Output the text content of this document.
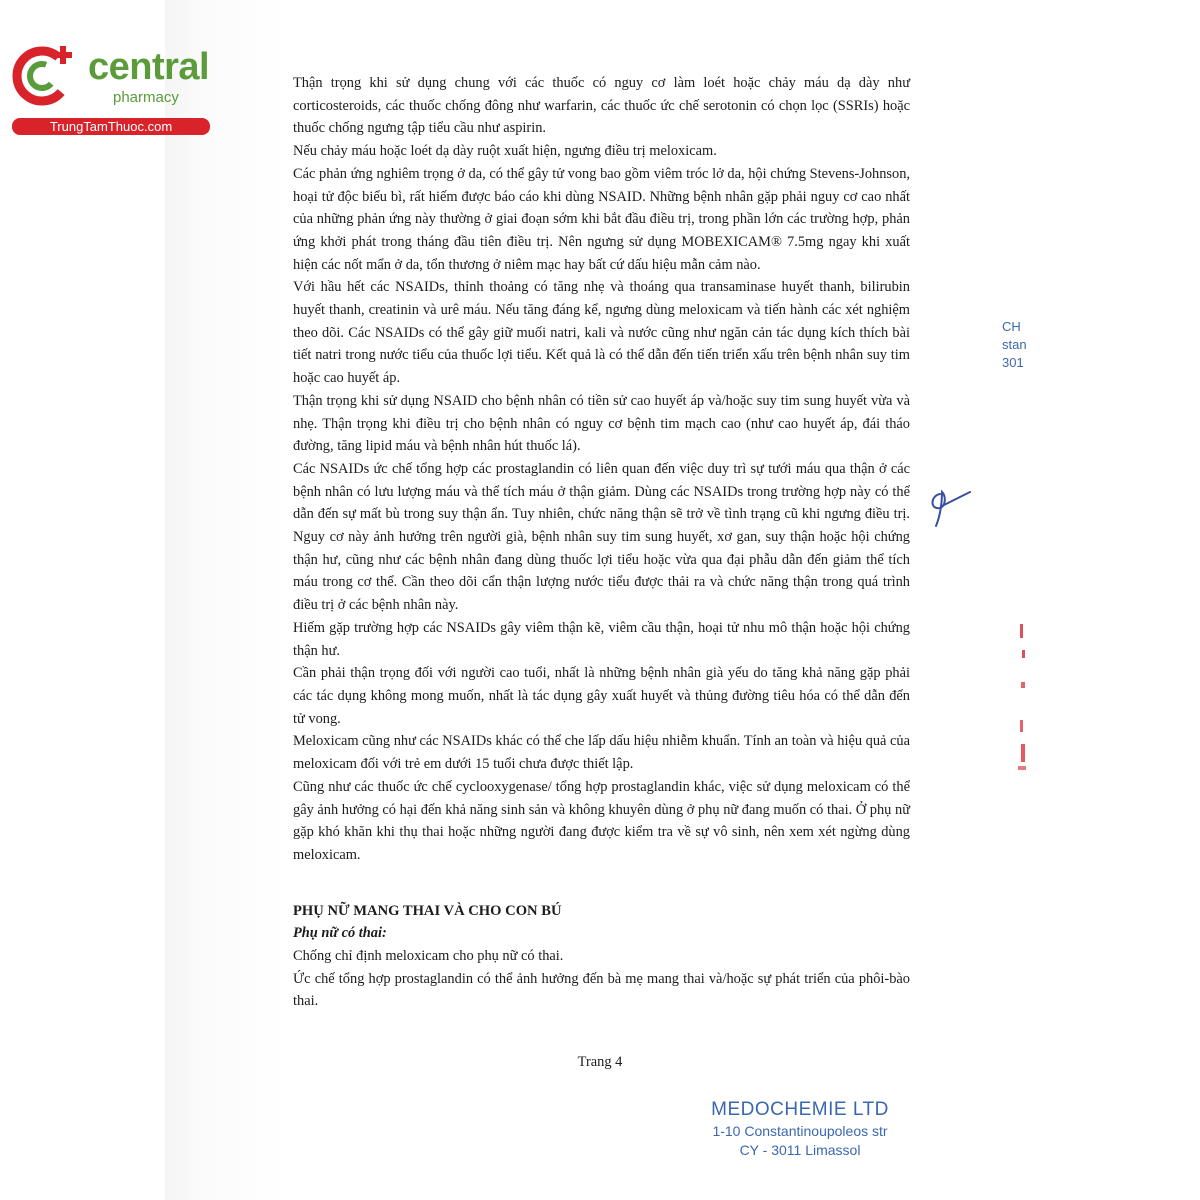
central
pharmacy
TrungTamThuoc.com

Thận trọng khi sử dụng chung với các thuốc có nguy cơ làm loét hoặc chảy máu dạ dày như corticosteroids, các thuốc chống đông như warfarin, các thuốc ức chế serotonin có chọn lọc (SSRIs) hoặc thuốc chống ngưng tập tiểu cầu như aspirin.

Nếu chảy máu hoặc loét dạ dày ruột xuất hiện, ngưng điều trị meloxicam.

Các phản ứng nghiêm trọng ở da, có thể gây tử vong bao gồm viêm tróc lở da, hội chứng Stevens-Johnson, hoại tử độc biểu bì, rất hiếm được báo cáo khi dùng NSAID. Những bệnh nhân gặp phải nguy cơ cao nhất của những phản ứng này thường ở giai đoạn sớm khi bắt đầu điều trị, trong phần lớn các trường hợp, phản ứng khởi phát trong tháng đầu tiên điều trị. Nên ngưng sử dụng MOBEXICAM® 7.5mg ngay khi xuất hiện các nốt mẩn ở da, tổn thương ở niêm mạc hay bất cứ dấu hiệu mẫn cảm nào.

Với hầu hết các NSAIDs, thỉnh thoảng có tăng nhẹ và thoáng qua transaminase huyết thanh, bilirubin huyết thanh, creatinin và urê máu. Nếu tăng đáng kể, ngưng dùng meloxicam và tiến hành các xét nghiệm theo dõi. Các NSAIDs có thể gây giữ muối natri, kali và nước cũng như ngăn cản tác dụng kích thích bài tiết natri trong nước tiểu của thuốc lợi tiểu. Kết quả là có thể dẫn đến tiến triển xấu trên bệnh nhân suy tim hoặc cao huyết áp.

Thận trọng khi sử dụng NSAID cho bệnh nhân có tiền sử cao huyết áp và/hoặc suy tim sung huyết vừa và nhẹ. Thận trọng khi điều trị cho bệnh nhân có nguy cơ bệnh tim mạch cao (như cao huyết áp, đái tháo đường, tăng lipid máu và bệnh nhân hút thuốc lá).

Các NSAIDs ức chế tổng hợp các prostaglandin có liên quan đến việc duy trì sự tưới máu qua thận ở các bệnh nhân có lưu lượng máu và thể tích máu ở thận giảm. Dùng các NSAIDs trong trường hợp này có thể dẫn đến sự mất bù trong suy thận ẩn. Tuy nhiên, chức năng thận sẽ trở về tình trạng cũ khi ngưng điều trị. Nguy cơ này ảnh hưởng trên người già, bệnh nhân suy tim sung huyết, xơ gan, suy thận hoặc hội chứng thận hư, cũng như các bệnh nhân đang dùng thuốc lợi tiểu hoặc vừa qua đại phẫu dẫn đến giảm thể tích máu trong cơ thể. Cần theo dõi cẩn thận lượng nước tiểu được thải ra và chức năng thận trong quá trình điều trị ở các bệnh nhân này.

Hiếm gặp trường hợp các NSAIDs gây viêm thận kẽ, viêm cầu thận, hoại tử nhu mô thận hoặc hội chứng thận hư.

Cần phải thận trọng đối với người cao tuổi, nhất là những bệnh nhân già yếu do tăng khả năng gặp phải các tác dụng không mong muốn, nhất là tác dụng gây xuất huyết và thủng đường tiêu hóa có thể dẫn đến tử vong.

Meloxicam cũng như các NSAIDs khác có thể che lấp dấu hiệu nhiễm khuẩn. Tính an toàn và hiệu quả của meloxicam đối với trẻ em dưới 15 tuổi chưa được thiết lập.

Cũng như các thuốc ức chế cyclooxygenase/ tổng hợp prostaglandin khác, việc sử dụng meloxicam có thể gây ảnh hưởng có hại đến khả năng sinh sản và không khuyên dùng ở phụ nữ đang muốn có thai. Ở phụ nữ gặp khó khăn khi thụ thai hoặc những người đang được kiểm tra về sự vô sinh, nên xem xét ngừng dùng meloxicam.

PHỤ NỮ MANG THAI VÀ CHO CON BÚ

Phụ nữ có thai:

Chống chỉ định meloxicam cho phụ nữ có thai.

Ức chế tổng hợp prostaglandin có thể ảnh hưởng đến bà mẹ mang thai và/hoặc sự phát triển của phôi-bào thai.

Trang 4
MEDOCHEMIE LTD
1-10 Constantinoupoleos str
CY - 3011 Limassol
CH
stan
301
